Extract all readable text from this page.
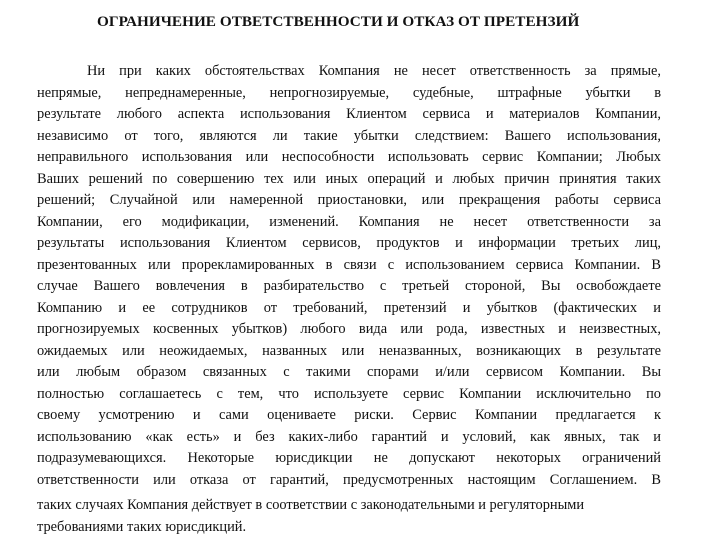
ОГРАНИЧЕНИЕ ОТВЕТСТВЕННОСТИ И ОТКАЗ ОТ ПРЕТЕНЗИЙ
Ни при каких обстоятельствах Компания не несет ответственность за прямые,
непрямые, непреднамеренные, непрогнозируемые, судебные, штрафные убытки в
результате любого аспекта использования Клиентом сервиса и материалов Компании,
независимо от того, являются ли такие убытки следствием: Вашего использования,
неправильного использования или неспособности использовать сервис Компании; Любых
Ваших решений по совершению тех или иных операций и любых причин принятия таких
решений; Случайной или намеренной приостановки, или прекращения работы сервиса
Компании, его модификации, изменений. Компания не несет ответственности за
результаты использования Клиентом сервисов, продуктов и информации третьих лиц,
презентованных или прорекламированных в связи с использованием сервиса Компании. В
случае Вашего вовлечения в разбирательство с третьей стороной, Вы освобождаете
Компанию и ее сотрудников от требований, претензий и убытков (фактических и
прогнозируемых косвенных убытков) любого вида или рода, известных и неизвестных,
ожидаемых или неожидаемых, названных или неназванных, возникающих в результате
или любым образом связанных с такими спорами и/или сервисом Компании. Вы
полностью соглашаетесь с тем, что используете сервис Компании исключительно по
своему усмотрению и сами оцениваете риски. Сервис Компании предлагается к
использованию «как есть» и без каких-либо гарантий и условий, как явных, так и
подразумевающихся. Некоторые юрисдикции не допускают некоторых ограничений
ответственности или отказа от гарантий, предусмотренных настоящим Соглашением. В
таких случаях Компания действует в соответствии с законодательными и регуляторными
требованиями таких юрисдикций.
